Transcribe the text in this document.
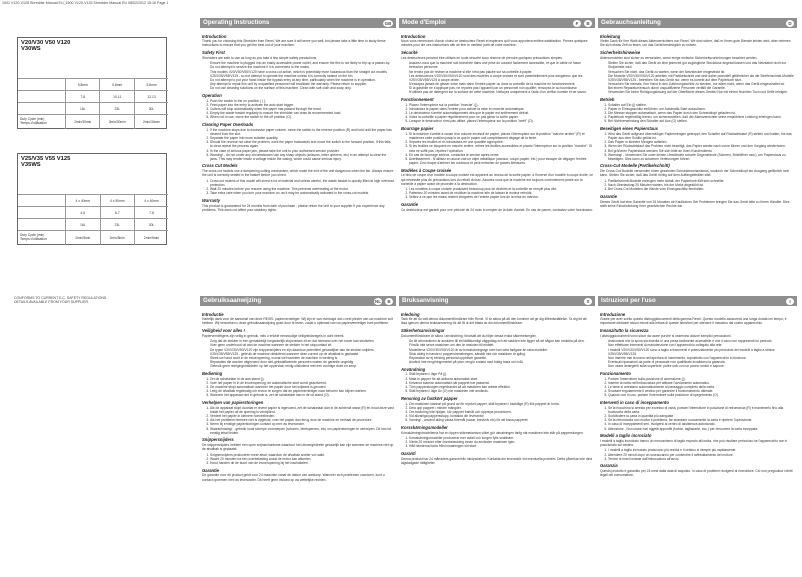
1541 V120-V125 Shredder Manual EU_1500 V120-V125 Shredder Manual EU 08/02/2012 15:16 Page 1
V20/V30 V50 V120
V30WS
	5.8mm	5.8mm	5.8mm
	7-8	10-11	12-13
	16L	23L	30L
Duty Cycle (min)
Temps d'utilisation	2min/30min	2min/30min	2min/30min
V25/V35 V55 V125
V35WS
	4 x 40mm	4 x 50mm	4 x 40mm
	4-5	6-7	7-8
	16L	23L	30L
Duty Cycle (min)
Temps d'utilisation	2min/5min	2min/5min	2min/5min
CONFORMS TO CURRENT E.C. SAFETY REGULATIONS.
DETAILS AVAILABLE FROM YOUR SUPPLIER.
Operating Instructions	GB	Mode d'Emploi	F	B	Gebrauchsanleitung	D
Gebruiksaanwijzing	NL	B	Bruksanvisning	S	Istruzioni per l'uso	I
Introduction

Thank you for choosing this Shredder from Rexel. We are sure it will serve you well, but please take a little time to study these instructions to ensure that you get the best out of your machine.

Safety First

Shredders are safe to use as long as you take a few simple safety precautions.

• Ensure the machine is plugged into an easily accessible power outlet, and ensure the flex is not likely to trip up a passer-by.
• Do not attempt to service the machine if it is connected to the mains.
• This models V20/V30/V50/V120 have a cross cut action, which is potentially more hazardous than the straight cut models V25/V35/V55/V125 - so not attempt to operate the machine unless it is correctly seated on the bin.
• Do not attempt to put your hand inside the bypass entry at any time, particularly when the machine is in operation.
• Any attempt to repair this unit by unqualified personnel will invalidate the warranty. Please return to supplier.
• Do not use cleaning solutions on the surface of this machine. Clean with soft cloth and soap only.
Operation
1. Push the switch to the on position ( | ).
2. Feed paper into the entry to activate the auto start trigger.
3. Cutters will stop automatically when the paper has passed through the head.
4. Empty the waste basket regularly to ensure the shredder can draw its recommended load.
5. When not in use, move the switch to the off position (O).
Clearing Paper Overloads
1. If the machine stops due to excessive paper volume, move the switch to the reverse position (R) and hold until the paper has cleared from the slot.
2. Separate the paper into more suitable quantity.
3. Should the reverse not clear the problem, work the paper backwards and move the switch to the forward position, if this fails to clear repeat the process again.
4. In the case of serious paper jam, please take the unit to your authorised service provider.
5. Warning! - do not under any circumstances use any sharp objects (scissors, letter openers, etc) in an attempt to clear the jams. This may render inside a voltage inside the casing, which could cause serious injury.
Cross Cut Models

The cross cut models use a dampening cutting mechanism, which make the exit of the unit dangerous when the bin. Always ensure the unit is correctly seated in the basket before you shred.

1. Cross cut models of this model will shred a lot of material and unless careful, the waste basket is quickly filled at high overload protection.
2. Wait 20 minutes before you resume using the machine. This prevents overheating of the motor.
3. Take extra care when you turn your machine on, as it may be automatically activated in the cross-cut models.
Warranty

This product is guaranteed for 24 months from date of purchase - please return the unit to your supplier if you experience any problems. This does not affect your statutory rights.

Introduction

Nous vous remercions d'avoir choisi ce destructeur Rexel et espérons qu'il vous apportera entière satisfaction. Prenez quelques minutes pour lire ces instructions afin de tirer le meilleur parti de votre machine.

Sécurité

Les destructeurs peuvent être utilisés en toute sécurité sous réserve de prendre quelques précautions simples.

• Assurez-vous que la machine soit branchée dans une prise de courant facilement accessible, et que le câble ne fasse trébucher personne.
• Ne tentez pas de réviser la machine si elle n'est pas placée sur sa corbeille à papier.
• Les destructeurs V20/V30/V50/V120 sont des modèles à coupe croisée et sont potentiellement plus dangereux que les V25/V35/V55/V125 à coupe droite.
• N'essayez jamais de glisser votre main dans l'entrée papier ou dans la corbeille de la machine en fonctionnement.
• Si la garantie ne s'applique pas, ne réparez pas l'appareil par un personnel non qualifié; renvoyez-le au fournisseur.
• N'utilisez pas de détergent sur la surface de cette machine. Nettoyez uniquement à l'aide d'un chiffon humide et de savon.
Fonctionnement
1. Placez l'interrupteur sur la position "marche" (|).
2. Introduisez le papier dans l'entrée pour activer la mise en marche automatique.
3. Le destructeur s'arrête automatiquement dès que le papier est entièrement détruit.
4. Videz la corbeille à papier régulièrement pour ne pas gêner la sortie papier.
5. Lorsque le destructeur n'est pas utilisé, placez l'interrupteur sur la position "arrêt" (O).
Bourrage papier
1. Si la machine s'arrête à cause d'un volume excessif de papier, placez l'interrupteur sur la position "marche arrière" (R) et maintenez cette position jusqu'à ce que le papier soit complètement dégagé de la fente.
2. Séparez les feuilles et ré-introduisez-en une quantité appropriée.
3. Si les feuilles ne bloquent en marche arrière, retirez les feuilles accessibles et placez l'interrupteur sur la position "marche". Si cela ne suffit pas, répétez l'opération.
4. En cas de bourrage sérieux, contactez le service après-vente.
5. Avertissement - N'utilisez en aucun cas un objet métallique (ciseaux, coupe-papier, etc.) pour essayer de dégager l'entrée papier. Ceci risque d'abîmer les couteaux et peut entraîner de graves blessures.
Modèles à Coupe croisée

Le bloc de coupe d'un modèle à coupe croisée est apparent au niveau de la sortie papier, à l'inverse d'un modèle à coupe droite, ce qui nécessite plus de précautions lors du retrait du bac. Assurez-vous que la machine est toujours correctement posée sur la corbeille à papier avant de procéder à la destruction.

1. Les modèles à coupe croisée produisent beaucoup plus de déchets et la corbeille se remplit plus vite.
2. Patientez 20 minutes avant de réutiliser la machine afin de laisser le moteur refroidir.
3. Veillez à ce que les mains restent éloignées de l'entrée papier lors de la mise en marche.
Garantie

Ce destructeur est garanti pour une période de 24 mois à compter de la date d'achat. En cas de panne, contactez votre fournisseur.

Einleitung

Vielen Dank für Ihre Wahl dieses Aktenvernichters von Rexel. Wir sind sicher, daß er Ihnen gute Dienste leisten wird, aber nehmen Sie sich etwas Zeit zu lesen, um das Gerät bestmöglich zu nutzen.

Sicherheitshinweise

Aktenvernichter sind sicher zu verwenden, wenn einige einfache Sicherheitsvorkehrungen beachtet werden.

• Stellen Sie sicher, daß das Gerät an eine jederzeit gut zugängliche Steckdose angeschlossen und das Netzkabel nicht zur Stolperfalle wird.
• Versuchen Sie nicht, das Gerät zu warten, wenn der Netzstecker eingesteckt ist.
• Die Modelle V20/V30/V50/V120 arbeiten mit Partikelschnitt und sind daher potentiell gefährlicher als die Streifenschnitt-Modelle V25/V35/V55/V125 - betreiben Sie das Gerät nur, wenn es korrekt auf dem Papierkorb sitzt.
• Versuchen Sie niemals, Ihre Hand in den Zuführungsschlitz zu stecken, vor allem nicht, wenn das Gerät eingeschaltet ist.
• Bei einem Reparaturversuch durch unqualifizierte Personen verfällt die Garantie.
• Verwenden Sie keine Reinigungslösung auf der Oberfläche dieses Geräts! Nur mit einem feuchten Tuch und Seife reinigen.
Betrieb
1. Schalter auf Ein (|) stellen.
2. Papier in Einzugsschlitz einführen, um Automatik-Start auszulösen.
3. Die Messer stoppen automatisch, wenn das Papier durch den Schneidkopf gelaufen ist.
4. Papierkorb regelmäßig leeren, um sicherzustellen, daß der Aktenvernichter seine empfohlene Leistung erbringen kann.
5. Bei Nichtverwendung den Schalter auf Aus (O) stellen.
Beseitigen eines Papierstaus
1. Wird das Gerät aufgrund übermäßiger Papiermengen gestoppt, den Schalter auf Rückwärtslauf (R) stellen und halten, bis das Papier aus dem Schlitz gelöst ist.
2. Das Papier in kleinere Mengen aufteilen.
3. Wenn der Rückwärtslauf das Problem nicht beseitigt, das Papier wieder nach vorne führen und den Vorgang wiederholen.
4. Bei größeren Papierstaus wenden Sie sich bitte an Ihren Kundendienst.
5. Warnung! - Verwenden Sie unter keinen Umständen scharfe Gegenstände (Scheren, Brieföffner usw.), um Papierstaus zu beseitigen. Dies kann zu schweren Verletzungen führen.
Cross-Cut Modelle (Partikelschnitt)

Die Cross-Cut Modelle verwenden einen gezahnten Schneidmechanismus, wodurch der Schneidkopf am Ausgang gefährlich sein kann. Stellen Sie sicher, daß das Gerät richtig auf dem Auffangbehälter sitzt.

1. Partikelschnitt-Modelle erzeugen mehr Abfall; der Papierkorb füllt sich schneller.
2. Nach Überlastung 20 Minuten warten, bis der Motor abgekühlt ist.
3. Bei Cross-Cut Modellen die Hände vom Einzugsschlitz fernhalten.
Garantie

Dieses Gerät hat eine Garantie von 24 Monaten ab Kaufdatum. Bei Problemen bringen Sie das Gerät bitte zu Ihrem Händler. Dies stellt keine Einschränkung Ihrer gesetzlichen Rechte dar.

Introductie

Hartelijk dank voor de aanschaf van deze REXEL papiervernietiger. Wij zijn er van overtuigd dat u veel plezier van uw machine zult hebben. Wij verzoeken u deze gebruiksaanwijzing goed door te lezen, zodat u optimaal van uw papiervernietiger kunt profiteren.

Veiligheid voor alles !

Papiervernietigers zijn veilig in gebruik, mits u enkele eenvoudige veiligheidsregels in acht neemt.

• Zorg dat de stekker in een gemakkelijk toegankelijk stopcontact zit en dat niemand over het snoer kan struikelen.
• Voer geen onderhoud uit aan de machine wanneer de stekker in het stopcontact zit.
• De typen V20/V30/V50/V120 zijn snippersnijders en zijn daardoor potentieel gevaarlijker dan de stroken snijders V25/V35/V55/V125 - gebruik de machine uitsluitend wanneer deze correct op de afvalbak is geplaatst.
• Steek uw hand nooit in de invoeropening, vooral niet wanneer de machine in werking is.
• Reparaties die worden uitgevoerd door niet-gekwalificeerde personen maken de garantie ongeldig.
• Gebruik geen reinigingsmiddelen op het oppervlak; reinig uitsluitend met een vochtige doek en zeep.
Bediening
1. Zet de schakelaar in de aan stand (|).
2. Voer het papier in in de invoeropening; de automatische start wordt geactiveerd.
3. De machine stopt automatisch wanneer het papier door het snijwerk is gevoerd.
4. Leeg de afvalbak regelmatig om ervoor te zorgen dat de papiervernietiger naar behoren kan blijven werken.
5. Wanneer het apparaat niet in gebruik is, zet de schakelaar dan in de uit stand (O).
Verhelpen van papierstoringen
1. Als de apparaat stopt doordat er teveel papier is ingevoerd, zet de schakelaar dan in de achteruit stand (R) en houd deze vast totdat het papier uit de opening is verwijderd.
2. Verdeel het papier in kleinere hoeveelheden.
3. Als het probleem hiermee niet is opgelost, voer het papier dan terug door de machine en herhaal de procedure.
4. Neem bij ernstige papierstoringen contact op met uw leverancier.
5. Waarschuwing! - gebruik nooit scherpe voorwerpen (scharen, briefopeners, etc) om papierstoringen te verhelpen. Dit kan tot ernstig letsel leiden.
Snippersnijders

De snippersnijders hebben een open snijmechanisme waardoor het uitvoergedeelte gevaarlijk kan zijn wanneer de machine niet op de afvalbak is geplaatst.

1. Snippersnijders produceren meer afval, waardoor de afvalbak sneller vol raakt.
2. Wacht 20 minuten na een overbelasting zodat de motor kan afkoelen.
3. Houd handen uit de buurt van de invoeropening bij het inschakelen.
Garantie

De garantie voor dit product geldt voor 24 maanden vanaf de datum van aankoop. Wanneer zich problemen voordoen, kunt u contact opnemen met uw leverancier. Dit heeft geen invloed op uw wettelijke rechten.

Inledning

Tack för att du valt denna dokumentförstörare från Rexel. Vi är säkra på att den kommer att ge dig tillfredsställelse. Ta dig tid att läsa igenom denna bruksanvisning för att få ut det bästa av din dokumentförstörare.

Säkerhetsanvisningar

Dokumentförstörare är säkra i användning, förutsatt att du följer dessa enkla säkerhetsregler.

• Se till att maskinen är ansluten till ett lättåtkomligt vägguttag och att sladden inte ligger så att någon kan snubbla på den.
• Försök inte serva maskinen om den är ansluten till elnätet.
• Modellerna V20/V30/V50/V120 är av korsskärningstyp som kan vara farligare än raka modeller.
• Stick aldrig in handen i pappersinmatningen, särskilt inte när maskinen är igång.
• Reparation av ej behörig personal upphäver garantin.
• Använd inte rengöringsmedel på ytan; rengör endast med fuktig trasa och tvål.
Användning
1. Ställ brytaren i läge På (|).
2. Mata in papper för att aktivera automatisk start.
3. Knivarna stannar automatiskt när pappret har passerat.
4. Töm papperskorgen regelbundet så att maskinen kan arbeta effektivt.
5. Ställ brytaren i läge Av (O) när maskinen inte används.
Rensning av fastkört papper
1. Om maskinen stannar på grund av för mycket papper, ställ brytaren i backläge (R) tills pappret är borta.
2. Dela upp pappret i mindre mängder.
3. Om backning inte hjälper, kör pappret framåt och upprepa proceduren.
4. Vid allvarliga pappersstopp, kontakta din leverantör.
5. Varning! - använd aldrig vassa föremål (saxar, brevkniv etc) för att lossa papperet.
Korsskärningsmodeller

Korsskärningsmodellerna har en öppen skärmekanism vilket gör utmatningen farlig när maskinen inte står på papperskorgen.

1. Korsskärningsmodeller producerar mer avfall och korgen fylls snabbare.
2. Vänta 20 minuter efter överbelastning innan du använder maskinen igen.
3. Håll händerna borta från inmatningen vid start.
Garanti

Denna produkt har 24 månaders garanti från inköpsdatum. Kontakta din leverantör vid eventuella problem. Detta påverkar inte dina lagstadgade rättigheter.

Introduzione

Grazie per aver scelto questo distruggidocumenti della gamma Rexel. Questo modello assicurerà una lunga durata nel tempo; è importante dedicare alcuni minuti alla lettura di queste istruzioni per ottenere il massimo dal vostro apparecchio.

Innanzitutto la sicurezza

I distruggidocumenti sono sicuri da usare purché si osservino alcune semplici precauzioni.

• Assicurarsi che la spina sia inserita in una presa facilmente accessibile e che il cavo non rappresenti un pericolo.
• Non effettuare interventi di manutenzione con l'apparecchio collegato alla rete.
• I modelli V20/V30/V50/V120 sono a taglio a frammenti e potenzialmente più pericolosi dei modelli a taglio a strisce V25/V35/V55/V125.
• Non inserire mai la mano nell'apertura di inserimento, soprattutto con l'apparecchio in funzione.
• Eventuali riparazioni da parte di personale non qualificato invalidano la garanzia.
• Non usare detergenti sulla superficie; pulire solo con un panno umido e sapone.
Funzionamento
1. Portare l'interruttore sulla posizione di accensione (|).
2. Inserire la carta nell'imboccatura per attivare l'avviamento automatico.
3. Le lame si arrestano automaticamente al passaggio completo della carta.
4. Svuotare regolarmente il cestino per garantire il funzionamento ottimale.
5. Quando non in uso, portare l'interruttore sulla posizione di spegnimento (O).
Interventi in caso di inceppamento
1. Se la macchina si arresta per eccesso di carta, portare l'interruttore in posizione di retromarcia (R) e mantenerlo fino alla fuoriuscita della carta.
2. Suddividere la carta in quantità più adeguate.
3. Se la retromarcia non risolve il problema, far avanzare nuovamente la carta e ripetere l'operazione.
4. In caso di inceppamenti seri, rivolgersi al centro di assistenza autorizzato.
5. Attenzione - Non usare mai oggetti appuntiti (forbici, tagliacarte, ecc.) per rimuovere la carta inceppata.
Modelli a taglio incrociato

I modelli a taglio incrociato hanno un meccanismo di taglio esposto all'uscita, che può risultare pericoloso se l'apparecchio non è posizionato sul cestino.

1. I modelli a taglio incrociato producono più residui e il cestino si riempie più rapidamente.
2. Attendere 20 minuti dopo un sovraccarico per consentire il raffreddamento del motore.
3. Tenere le mani lontane dall'imboccatura all'avvio.
Garanzia

Questo prodotto è garantito per 24 mesi dalla data di acquisto. In caso di problemi rivolgersi al rivenditore. Ciò non pregiudica i diritti legali del consumatore.
